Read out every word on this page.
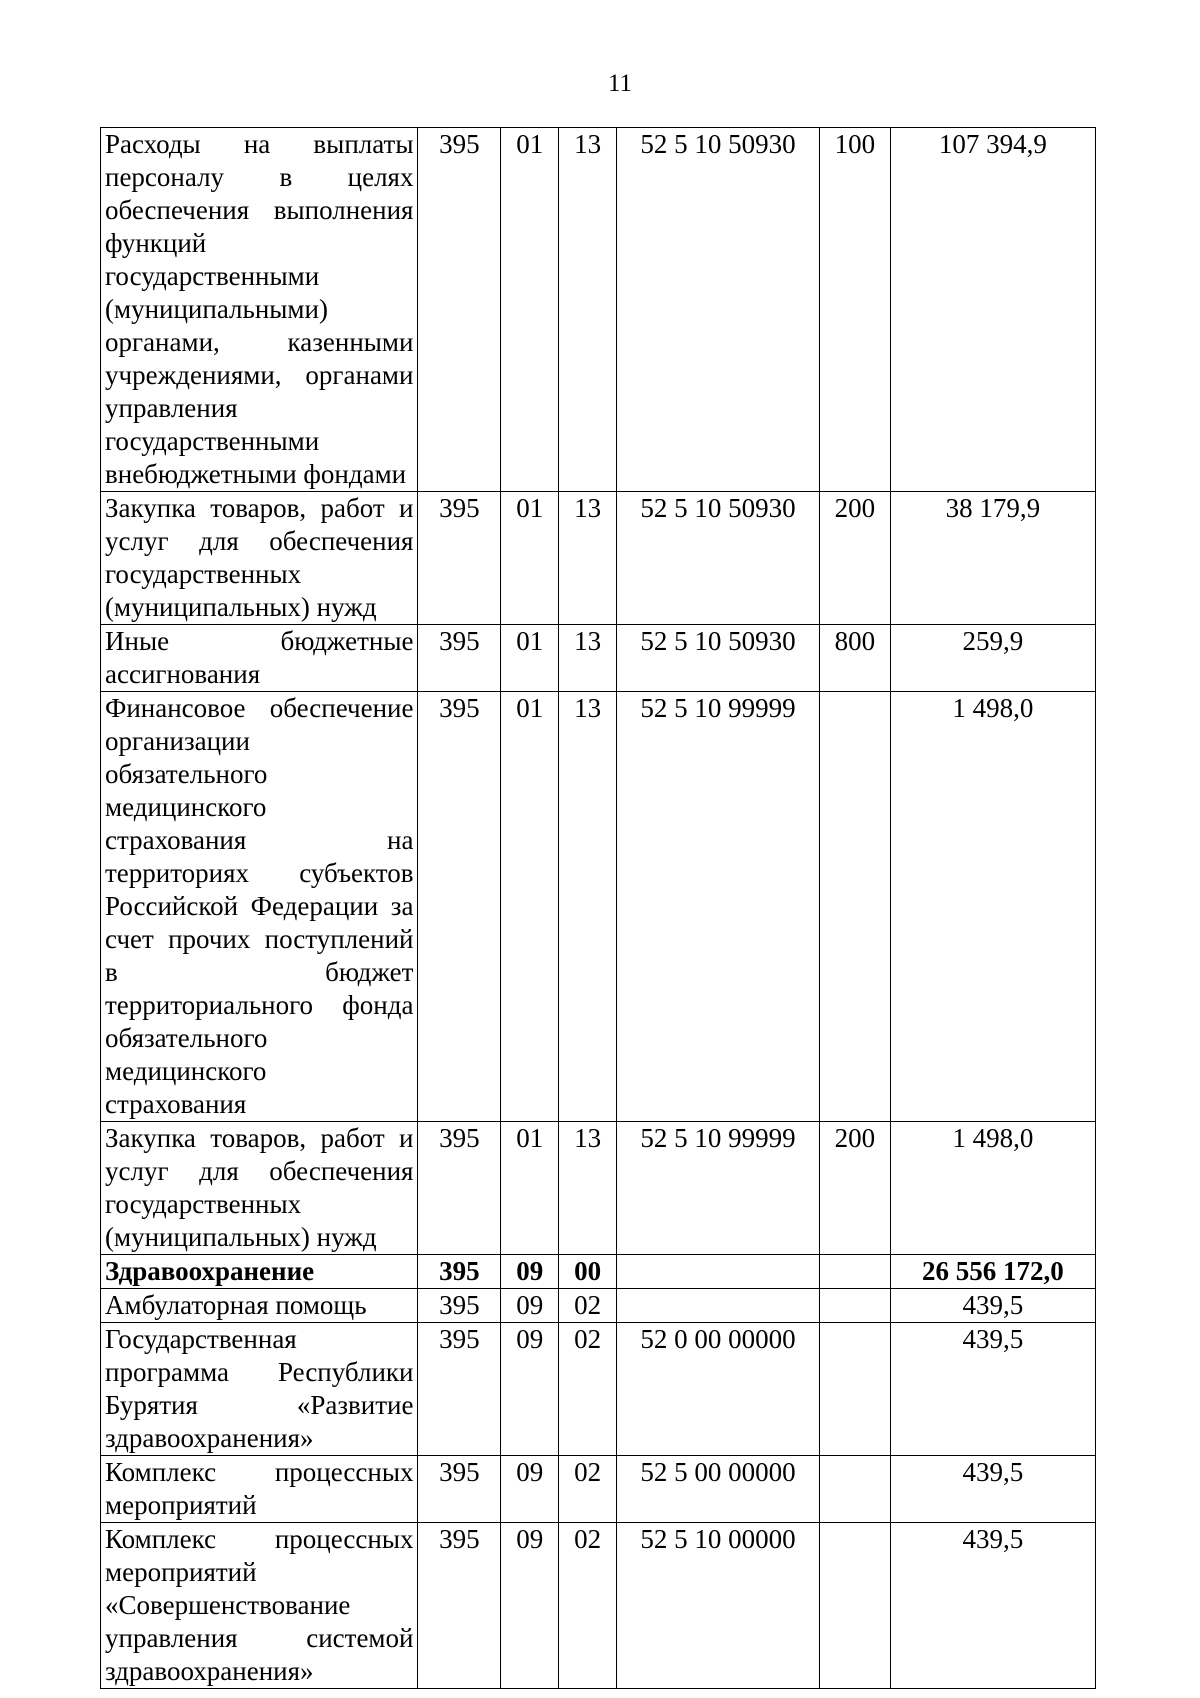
11
Расходы на выплаты персоналу в целях обеспечения выполнения функций государственными (муниципальными) органами, казенными учреждениями, органами управления государственными внебюджетными фондами	395	01	13	52 5 10 50930	100	107 394,9
Закупка товаров, работ и услуг для обеспечения государственных (муниципальных) нужд	395	01	13	52 5 10 50930	200	38 179,9
Иные бюджетные ассигнования	395	01	13	52 5 10 50930	800	259,9
Финансовое обеспечение организации обязательного медицинского страхования на территориях субъектов Российской Федерации за счет прочих поступлений в бюджет территориального фонда обязательного медицинского страхования	395	01	13	52 5 10 99999		1 498,0
Закупка товаров, работ и услуг для обеспечения государственных (муниципальных) нужд	395	01	13	52 5 10 99999	200	1 498,0
Здравоохранение	395	09	00			26 556 172,0
Амбулаторная помощь	395	09	02			439,5
Государственная программа Республики Бурятия «Развитие здравоохранения»	395	09	02	52 0 00 00000		439,5
Комплекс процессных мероприятий	395	09	02	52 5 00 00000		439,5
Комплекс процессных мероприятий «Совершенствование управления системой здравоохранения»	395	09	02	52 5 10 00000		439,5
